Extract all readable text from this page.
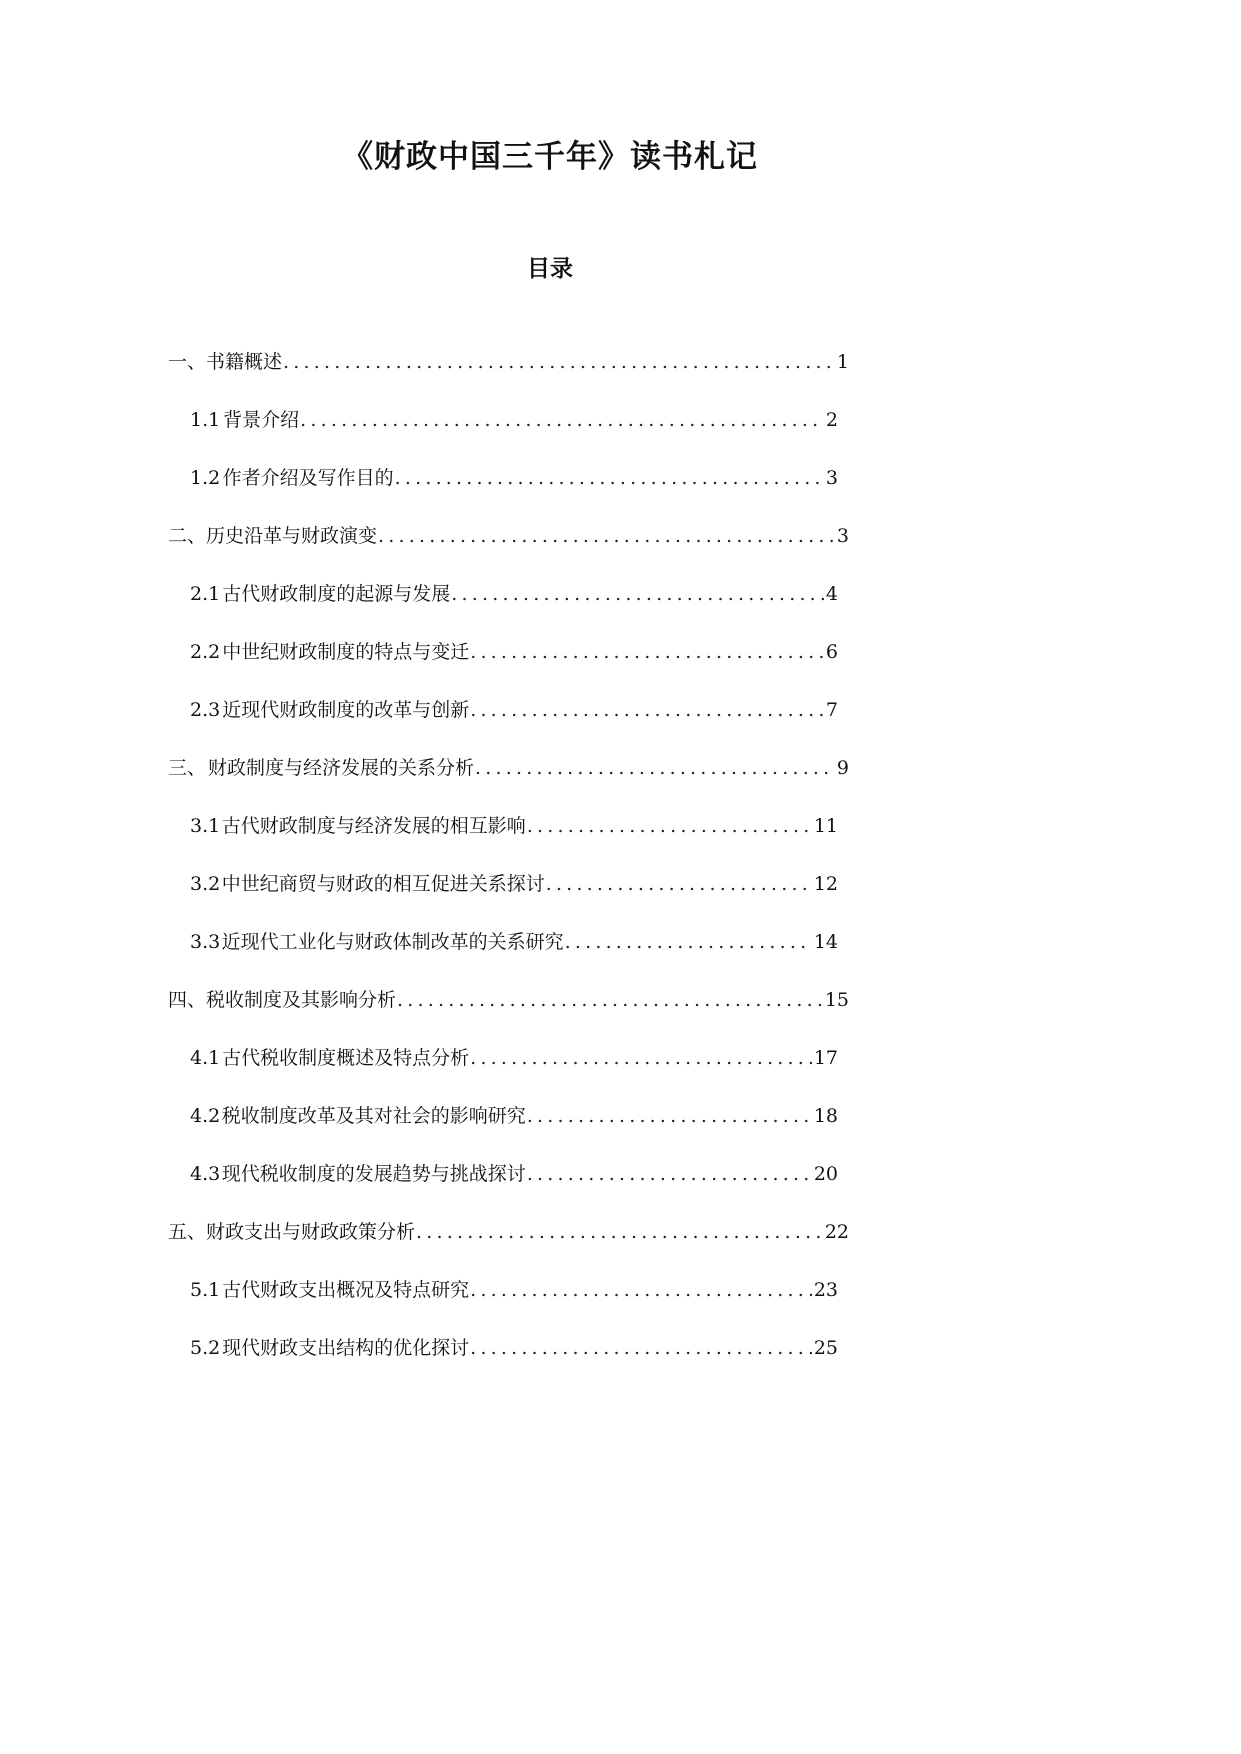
《财政中国三千年》读书札记
目录
一、 书籍概述 .....	1
1.1 背景介绍 .....	2
1.2 作者介绍及写作目的 .....	3
二、 历史沿革与财政演变 .....	3
2.1 古代财政制度的起源与发展 .....	4
2.2 中世纪财政制度的特点与变迁 .....	6
2.3 近现代财政制度的改革与创新 .....	7
三、 财政制度与经济发展的关系分析 .....	9
3.1 古代财政制度与经济发展的相互影响 .....	11
3.2 中世纪商贸与财政的相互促进关系探讨 .....	12
3.3 近现代工业化与财政体制改革的关系研究 .....	14
四、 税收制度及其影响分析 .....	15
4.1 古代税收制度概述及特点分析 .....	17
4.2 税收制度改革及其对社会的影响研究 .....	18
4.3 现代税收制度的发展趋势与挑战探讨 .....	20
五、 财政支出与财政政策分析 .....	22
5.1 古代财政支出概况及特点研究 .....	23
5.2 现代财政支出结构的优化探讨 .....	25
